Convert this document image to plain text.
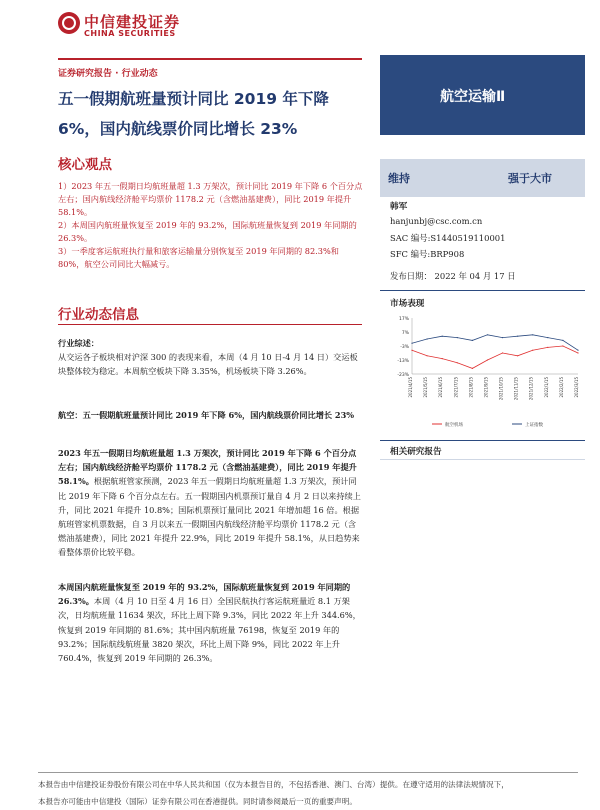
中信建投证券
CHINA SECURITIES
证券研究报告 · 行业动态
五一假期航班量预计同比 2019 年下降 6%，国内航线票价同比增长 23%
核心观点

1）2023 年五一假期日均航班量超 1.3 万架次，预计同比 2019 年下降 6 个百分点左右；国内航线经济舱平均票价 1178.2 元（含燃油基建费），同比 2019 年提升 58.1%。

2）本周国内航班量恢复至 2019 年的 93.2%，国际航班量恢复到 2019 年同期的 26.3%。

3）一季度客运航班执行量和旅客运输量分别恢复至 2019 年同期的 82.3%和 80%，航空公司同比大幅减亏。

行业动态信息

行业综述：

从交运各子板块相对沪深 300 的表现来看，本周（4 月 10 日-4 月 14 日）交运板块整体较为稳定。本周航空板块下降 3.35%，机场板块下降 3.26%。

航空：五一假期航班量预计同比 2019 年下降 6%，国内航线票价同比增长 23%

2023 年五一假期日均航班量超 1.3 万架次，预计同比 2019 年下降 6 个百分点左右；国内航线经济舱平均票价 1178.2 元（含燃油基建费），同比 2019 年提升 58.1%。根据航班管家预测，2023 年五一假期日均航班量超 1.3 万架次，预计同比 2019 年下降 6 个百分点左右。五一假期国内机票预订量自 4 月 2 日以来持续上升，同比 2021 年提升 10.8%；国际机票预订量同比 2021 年增加超 16 倍。根据航班管家机票数据，自 3 月以来五一假期国内航线经济舱平均票价 1178.2 元（含燃油基建费），同比 2021 年提升 22.9%，同比 2019 年提升 58.1%，从日趋势来看整体票价比较平稳。

本周国内航班量恢复至 2019 年的 93.2%，国际航班量恢复到 2019 年同期的 26.3%。本周（4 月 10 日至 4 月 16 日）全国民航执行客运航班量近 8.1 万架次，日均航班量 11634 架次，环比上周下降 9.3%，同比 2022 年上升 344.6%，恢复到 2019 年同期的 81.6%；其中国内航班量 76198，恢复至 2019 年的 93.2%；国际航线航班量 3820 架次，环比上周下降 9%，同比 2022 年上升 760.4%，恢复到 2019 年同期的 26.3%。

航空运输Ⅱ
维持	强于大市
韩军
hanjunbj@csc.com.cn
SAC 编号:S1440519110001
SFC 编号:BRP908
发布日期： 2022 年 04 月 17 日
市场表现
17%
7%
-3%
-13%
-23%
2021/4/15	2021/5/15	2021/6/15	2021/7/15	2021/8/15	2021/9/15	2021/10/15	2021/11/15	2021/12/15	2022/1/15	2022/2/15	2022/3/15
航空机场	上证指数
相关研究报告
本报告由中信建投证券股份有限公司在中华人民共和国（仅为本报告目的，不包括香港、澳门、台湾）提供。在遵守适用的法律法规情况下，
本报告亦可能由中信建投（国际）证券有限公司在香港提供。同时请参阅最后一页的重要声明。
